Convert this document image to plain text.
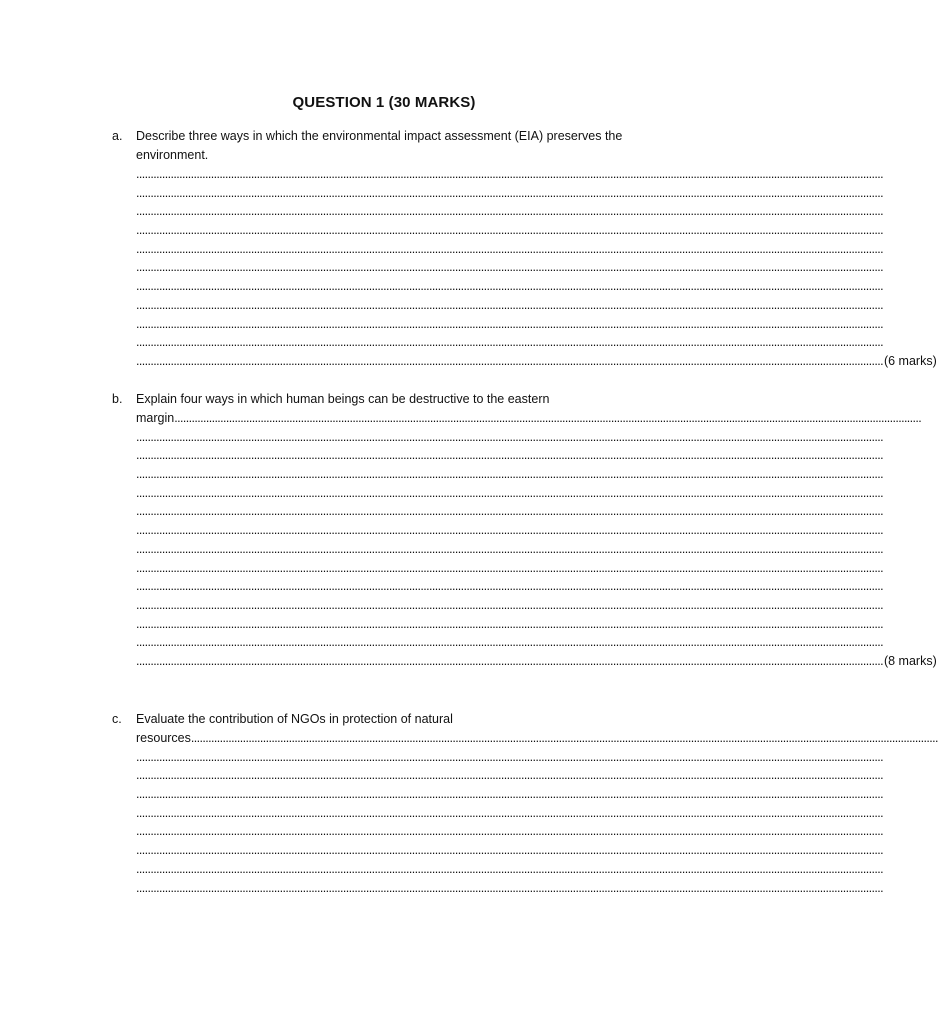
QUESTION 1 (30 MARKS)
a. Describe three ways in which the environmental impact assessment (EIA) preserves the
environment.
....................................................................................................................................................................................................................................................................
....................................................................................................................................................................................................................................................................
....................................................................................................................................................................................................................................................................
....................................................................................................................................................................................................................................................................
....................................................................................................................................................................................................................................................................
....................................................................................................................................................................................................................................................................
....................................................................................................................................................................................................................................................................
....................................................................................................................................................................................................................................................................
....................................................................................................................................................................................................................................................................
....................................................................................................................................................................................................................................................................
.................................................................................................................................................................................................................................................................... (6 marks)
b. Explain four ways in which human beings can be destructive to the eastern
margin ....................................................................................................................................................................................................................................................................
....................................................................................................................................................................................................................................................................
....................................................................................................................................................................................................................................................................
....................................................................................................................................................................................................................................................................
....................................................................................................................................................................................................................................................................
....................................................................................................................................................................................................................................................................
....................................................................................................................................................................................................................................................................
....................................................................................................................................................................................................................................................................
....................................................................................................................................................................................................................................................................
....................................................................................................................................................................................................................................................................
....................................................................................................................................................................................................................................................................
....................................................................................................................................................................................................................................................................
....................................................................................................................................................................................................................................................................
.................................................................................................................................................................................................................................................................... (8 marks)
c. Evaluate the contribution of NGOs in protection of natural
resources ....................................................................................................................................................................................................................................................................
....................................................................................................................................................................................................................................................................
....................................................................................................................................................................................................................................................................
....................................................................................................................................................................................................................................................................
....................................................................................................................................................................................................................................................................
....................................................................................................................................................................................................................................................................
....................................................................................................................................................................................................................................................................
....................................................................................................................................................................................................................................................................
....................................................................................................................................................................................................................................................................
